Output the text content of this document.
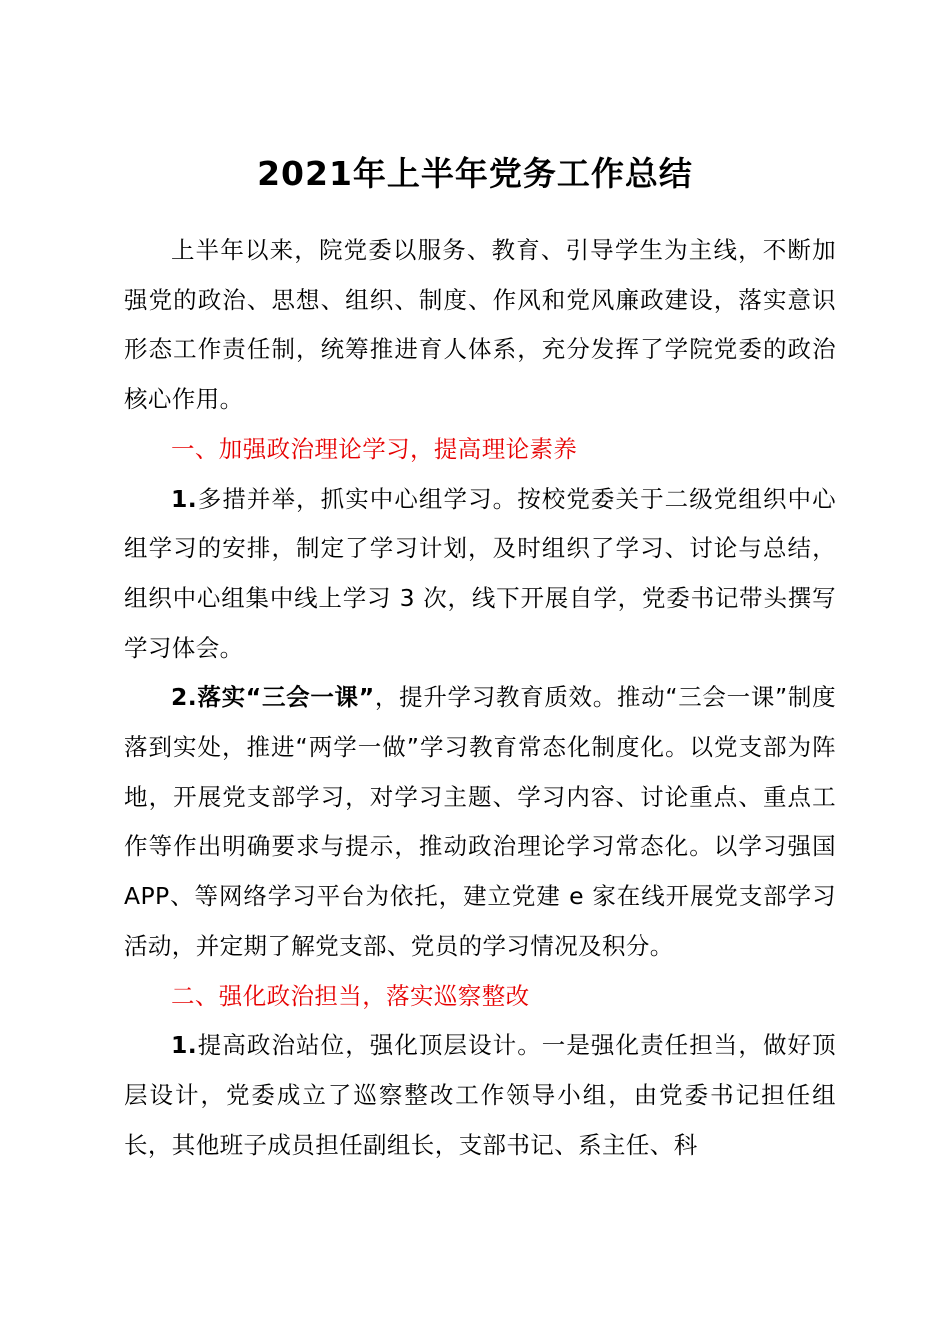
2021年上半年党务工作总结

上半年以来，院党委以服务、教育、引导学生为主线，不断加强党的政治、思想、组织、制度、作风和党风廉政建设，落实意识形态工作责任制，统筹推进育人体系，充分发挥了学院党委的政治核心作用。

一、加强政治理论学习，提高理论素养

1.多措并举，抓实中心组学习。按校党委关于二级党组织中心组学习的安排，制定了学习计划，及时组织了学习、讨论与总结，组织中心组集中线上学习 3 次，线下开展自学，党委书记带头撰写学习体会。

2.落实“三会一课”，提升学习教育质效。推动“三会一课”制度落到实处，推进“两学一做”学习教育常态化制度化。以党支部为阵地，开展党支部学习，对学习主题、学习内容、讨论重点、重点工作等作出明确要求与提示，推动政治理论学习常态化。以学习强国 APP、等网络学习平台为依托，建立党建 e 家在线开展党支部学习活动，并定期了解党支部、党员的学习情况及积分。

二、强化政治担当，落实巡察整改

1.提高政治站位，强化顶层设计。一是强化责任担当，做好顶层设计，党委成立了巡察整改工作领导小组，由党委书记担任组长，其他班子成员担任副组长，支部书记、系主任、科
